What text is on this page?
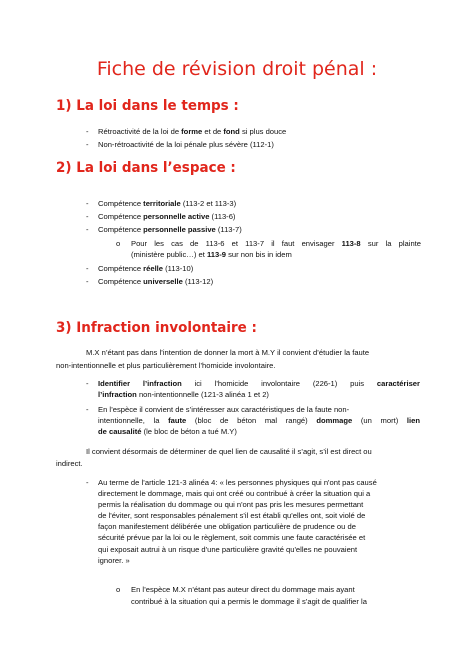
Fiche de révision droit pénal :
1) La loi dans le temps :
- Rétroactivité de la loi de forme et de fond si plus douce
- Non-rétroactivité de la loi pénale plus sévère (112-1)
2) La loi dans l’espace :
- Compétence territoriale (113-2 et 113-3)
- Compétence personnelle active (113-6)
- Compétence personnelle passive (113-7)
o Pour les cas de 113-6 et 113-7 il faut envisager 113-8 sur la plainte
(ministère public…) et 113-9 sur non bis in idem
- Compétence réelle (113-10)
- Compétence universelle (113-12)
3) Infraction involontaire :
M.X n’étant pas dans l’intention de donner la mort à M.Y il convient d’étudier la faute
non-intentionnelle et plus particulièrement l’homicide involontaire.
- Identifier l’infraction ici l’homicide involontaire (226-1) puis caractériser
l’infraction non-intentionnelle (121-3 alinéa 1 et 2)
- En l’espèce il convient de s’intéresser aux caractéristiques de la faute non-
intentionnelle, la faute (bloc de béton mal rangé) dommage (un mort) lien
de causalité (le bloc de béton a tué M.Y)
Il convient désormais de déterminer de quel lien de causalité il s’agit, s’il est direct ou
indirect.
- Au terme de l’article 121-3 alinéa 4: « les personnes physiques qui n'ont pas causé
directement le dommage, mais qui ont créé ou contribué à créer la situation qui a
permis la réalisation du dommage ou qui n'ont pas pris les mesures permettant
de l'éviter, sont responsables pénalement s'il est établi qu'elles ont, soit violé de
façon manifestement délibérée une obligation particulière de prudence ou de
sécurité prévue par la loi ou le règlement, soit commis une faute caractérisée et
qui exposait autrui à un risque d'une particulière gravité qu'elles ne pouvaient
ignorer. »
o En l’espèce M.X n’étant pas auteur direct du dommage mais ayant
contribué à la situation qui a permis le dommage il s’agit de qualifier la
